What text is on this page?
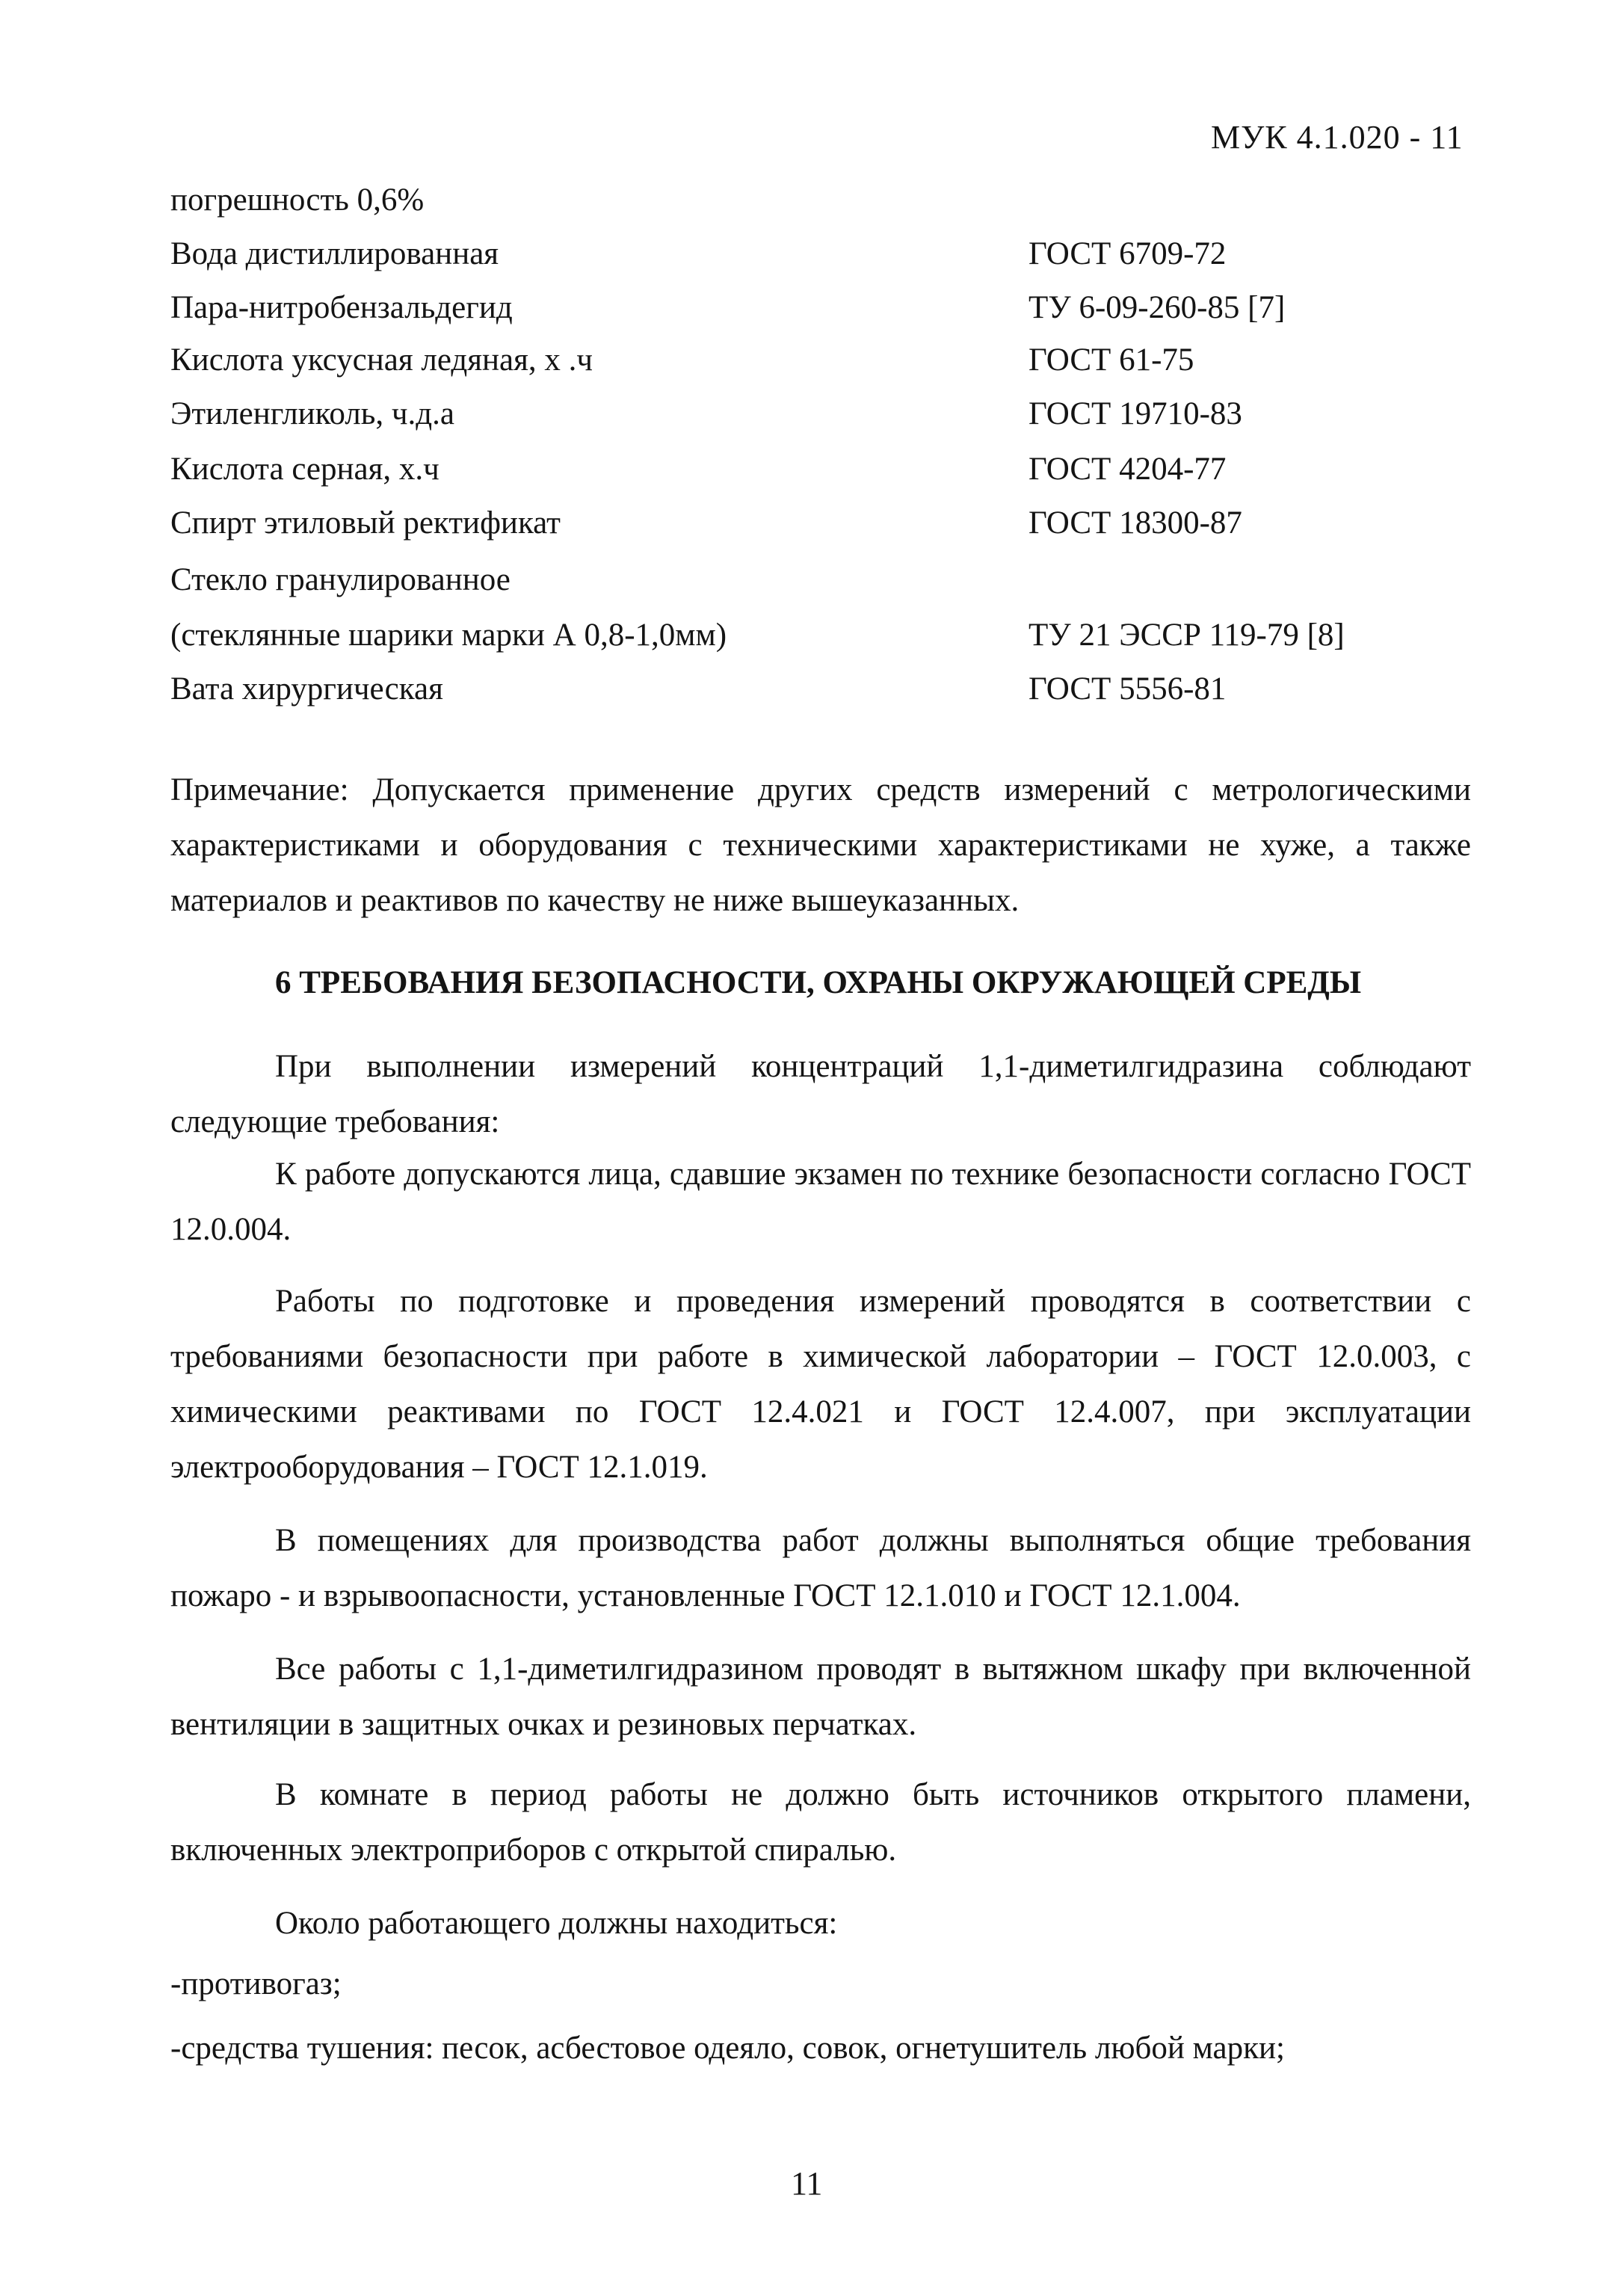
МУК 4.1.020 - 11
погрешность 0,6%
Вода дистиллированная	ГОСТ 6709-72
Пара-нитробензальдегид	ТУ 6-09-260-85 [7]
Кислота уксусная ледяная, х .ч	ГОСТ 61-75
Этиленгликоль, ч.д.а	ГОСТ 19710-83
Кислота серная, х.ч	ГОСТ 4204-77
Спирт этиловый ректификат	ГОСТ 18300-87
Стекло гранулированное
(стеклянные шарики марки А 0,8-1,0мм)	ТУ 21 ЭССР 119-79 [8]
Вата хирургическая	ГОСТ 5556-81
Примечание: Допускается применение других средств измерений с метрологическими характеристиками и оборудования с техническими характеристиками не хуже, а также материалов и реактивов по качеству не ниже вышеуказанных.
6 ТРЕБОВАНИЯ БЕЗОПАСНОСТИ, ОХРАНЫ ОКРУЖАЮЩЕЙ СРЕДЫ

При выполнении измерений концентраций 1,1-диметилгидразина соблюдают следующие требования:

К работе допускаются лица, сдавшие экзамен по технике безопасности согласно ГОСТ 12.0.004.

Работы по подготовке и проведения измерений проводятся в соответствии с требованиями безопасности при работе в химической лаборатории – ГОСТ 12.0.003, с химическими реактивами по ГОСТ 12.4.021 и ГОСТ 12.4.007, при эксплуатации электрооборудования – ГОСТ 12.1.019.

В помещениях для производства работ должны выполняться общие требования пожаро - и взрывоопасности, установленные ГОСТ 12.1.010 и ГОСТ 12.1.004.

Все работы с 1,1-диметилгидразином проводят в вытяжном шкафу при включенной вентиляции в защитных очках и резиновых перчатках.

В комнате в период работы не должно быть источников открытого пламени, включенных электроприборов с открытой спиралью.

Около работающего должны находиться:

-противогаз;
-средства тушения: песок, асбестовое одеяло, совок, огнетушитель любой марки;
11
